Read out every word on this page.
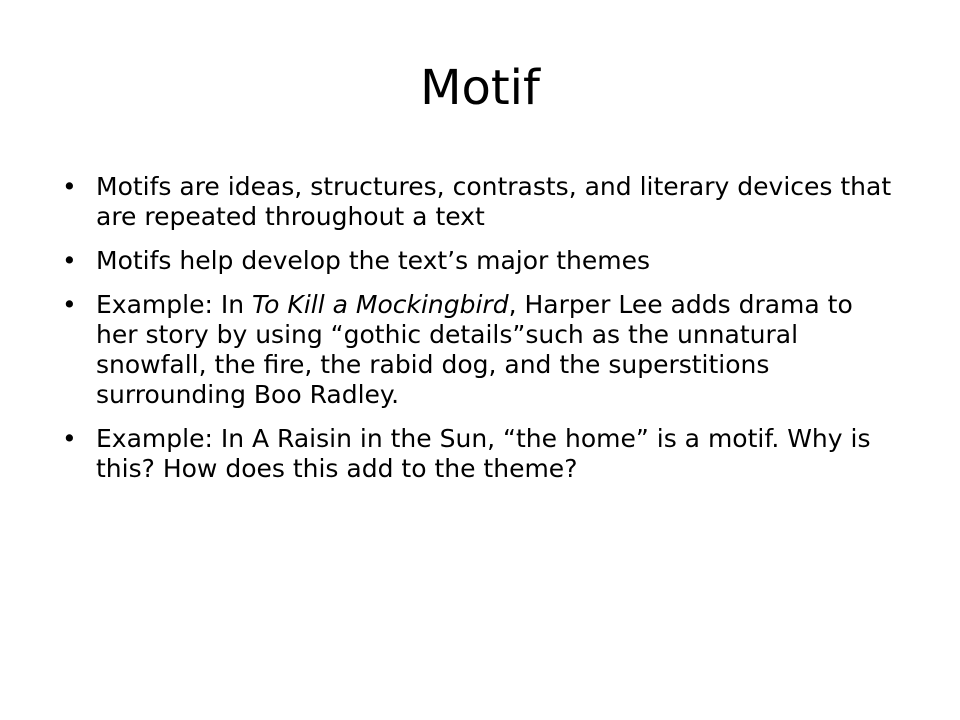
Motif
• Motifs are ideas, structures, contrasts, and literary devices that are repeated throughout a text
• Motifs help develop the text’s major themes
• Example: In To Kill a Mockingbird, Harper Lee adds drama to her story by using “gothic details”such as the unnatural snowfall, the fire, the rabid dog, and the superstitions surrounding Boo Radley.
• Example: In A Raisin in the Sun, “the home” is a motif. Why is this? How does this add to the theme?
